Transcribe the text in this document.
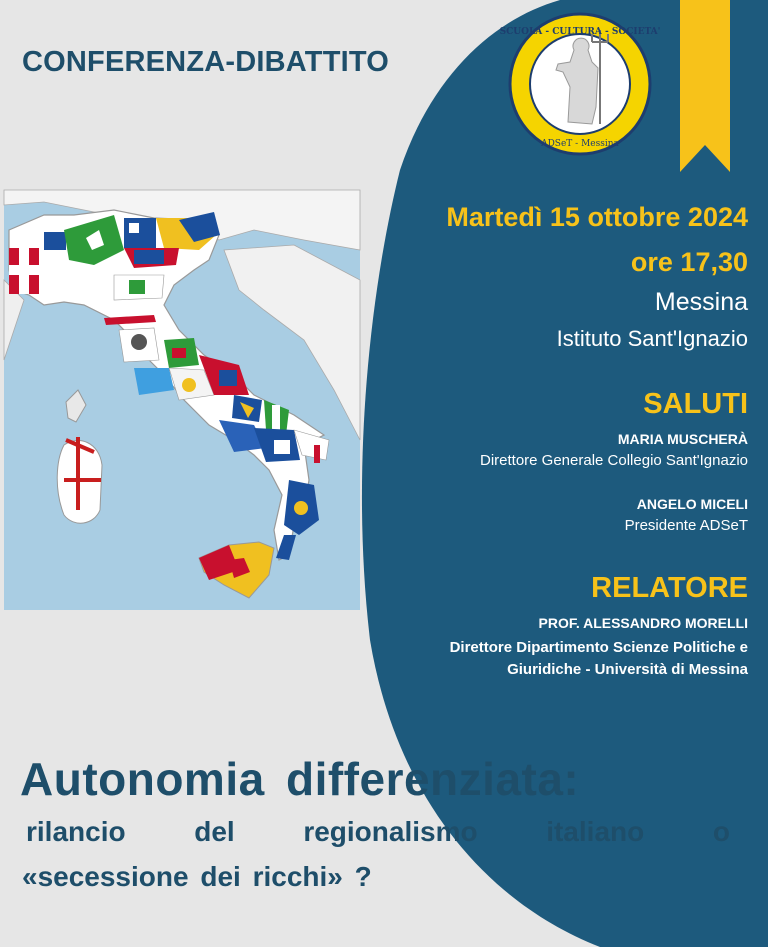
SCUOLA - CULTURA - SOCIETA'
ADSeT - Messina
CONFERENZA-DIBATTITO
Martedì 15 ottobre 2024
ore 17,30
Messina
Istituto Sant'Ignazio
SALUTI
MARIA MUSCHERÀ
Direttore Generale Collegio Sant'Ignazio
ANGELO MICELI
Presidente ADSeT
RELATORE
PROF. ALESSANDRO MORELLI
Direttore Dipartimento Scienze Politiche e
Giuridiche - Università di Messina
Autonomia differenziata:
rilancio del regionalismo italiano o
«secessione dei ricchi» ?
